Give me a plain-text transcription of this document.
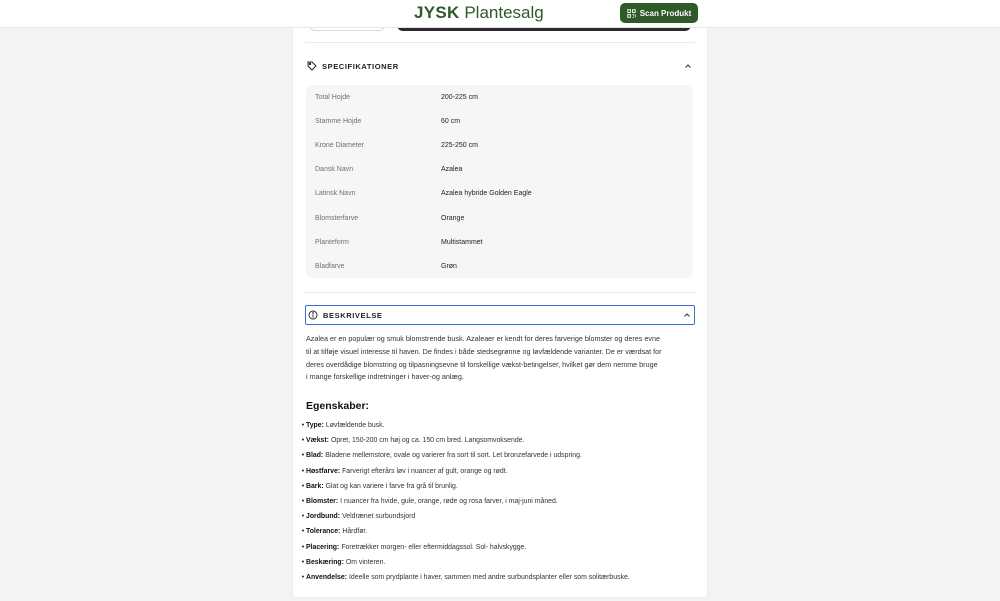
JYSK Plantesalg	Scan Produkt
SPECIFIKATIONER
BESKRIVELSE
Total Hojde	200-225 cm
Stamme Hojde	60 cm
Krone Diameter	225-250 cm
Dansk Navn	Azalea
Latinsk Navn	Azalea hybride Golden Eagle
Blomsterfarve	Orange
Planteform	Multistammet
Bladfarve	Grøn
Azalea er en populær og smuk blomstrende busk. Azaleaer er kendt for deres farverige blomster og deres evne
til at tilføje visuel interesse til haven. De findes i både stedsegrønne og løvfældende varianter. De er værdsat for
deres overdådige blomstring og tilpasningsevne til forskellige vækst-betingelser, hvilket gør dem nemme bruge
i mange forskellige indretninger i haver-og anlæg.
Egenskaber:
• Type: Løvfældende busk.
• Vækst: Opret, 150-200 cm høj og ca. 150 cm bred. Langsomvoksende.
• Blad: Bladene mellemstore, ovale og varierer fra sort til sort. Let bronzefarvede i udspring.
• Høstfarve: Farverigt efterårs løv i nuancer af gult, orange og rødt.
• Bark: Glat og kan variere i farve fra grå til brunlig.
• Blomster: I nuancer fra hvide, gule, orange, røde og rosa farver, i maj-juni måned.
• Jordbund: Veldrænet surbundsjord
• Tolerance: Hårdfør.
• Placering: Foretrækker morgen- eller eftermiddagssol. Sol- halvskygge.
• Beskæring: Om vinteren.
• Anvendelse: Ideelle som prydplante i haver, sammen med andre surbundsplanter eller som solitærbuske.
